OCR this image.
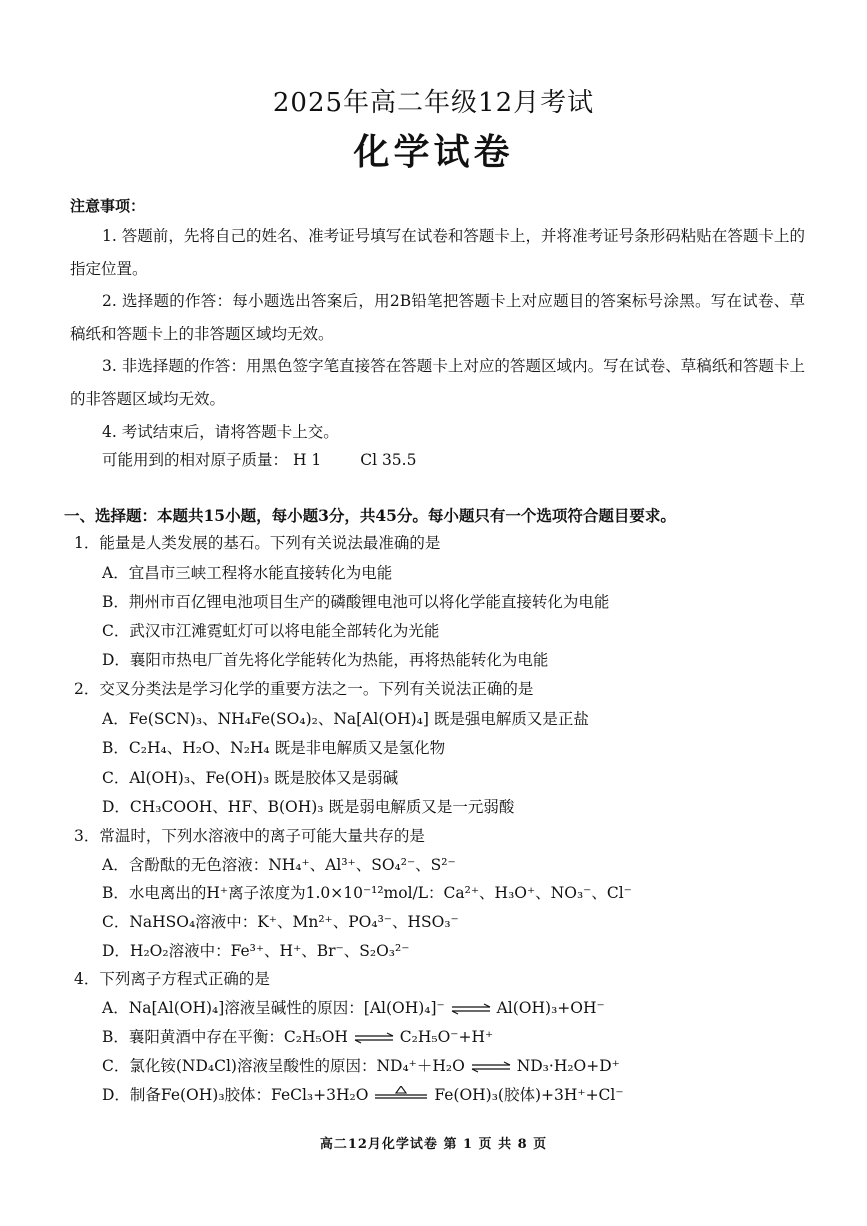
2025年高二年级12月考试
化学试卷
注意事项：
1. 答题前，先将自己的姓名、准考证号填写在试卷和答题卡上，并将准考证号条形码粘贴在答题卡上的指定位置。
2. 选择题的作答：每小题选出答案后，用2B铅笔把答题卡上对应题目的答案标号涂黑。写在试卷、草稿纸和答题卡上的非答题区域均无效。
3. 非选择题的作答：用黑色签字笔直接答在答题卡上对应的答题区域内。写在试卷、草稿纸和答题卡上的非答题区域均无效。
4. 考试结束后，请将答题卡上交。
可能用到的相对原子质量： H 1	Cl 35.5
一、选择题：本题共15小题，每小题3分，共45分。每小题只有一个选项符合题目要求。
1．能量是人类发展的基石。下列有关说法最准确的是
A．宜昌市三峡工程将水能直接转化为电能
B．荆州市百亿锂电池项目生产的磷酸锂电池可以将化学能直接转化为电能
C．武汉市江滩霓虹灯可以将电能全部转化为光能
D．襄阳市热电厂首先将化学能转化为热能，再将热能转化为电能
2．交叉分类法是学习化学的重要方法之一。下列有关说法正确的是
A．Fe(SCN)₃、NH₄Fe(SO₄)₂、Na[Al(OH)₄] 既是强电解质又是正盐
B．C₂H₄、H₂O、N₂H₄ 既是非电解质又是氢化物
C．Al(OH)₃、Fe(OH)₃ 既是胶体又是弱碱
D．CH₃COOH、HF、B(OH)₃ 既是弱电解质又是一元弱酸
3．常温时，下列水溶液中的离子可能大量共存的是
A．含酚酞的无色溶液：NH₄⁺、Al³⁺、SO₄²⁻、S²⁻
B．水电离出的H⁺离子浓度为1.0×10⁻¹²mol/L：Ca²⁺、H₃O⁺、NO₃⁻、Cl⁻
C．NaHSO₄溶液中：K⁺、Mn²⁺、PO₄³⁻、HSO₃⁻
D．H₂O₂溶液中：Fe³⁺、H⁺、Br⁻、S₂O₃²⁻
4．下列离子方程式正确的是
A．Na[Al(OH)₄]溶液呈碱性的原因：[Al(OH)₄]⁻ ⇌ Al(OH)₃+OH⁻
B．襄阳黄酒中存在平衡：C₂H₅OH ⇌ C₂H₅O⁻+H⁺
C．氯化铵(ND₄Cl)溶液呈酸性的原因：ND₄⁺＋H₂O ⇌ ND₃·H₂O+D⁺
D．制备Fe(OH)₃胶体：FeCl₃+3H₂O	Fe(OH)₃(胶体)+3H⁺+Cl⁻
高二12月化学试卷 第 1 页 共 8 页
